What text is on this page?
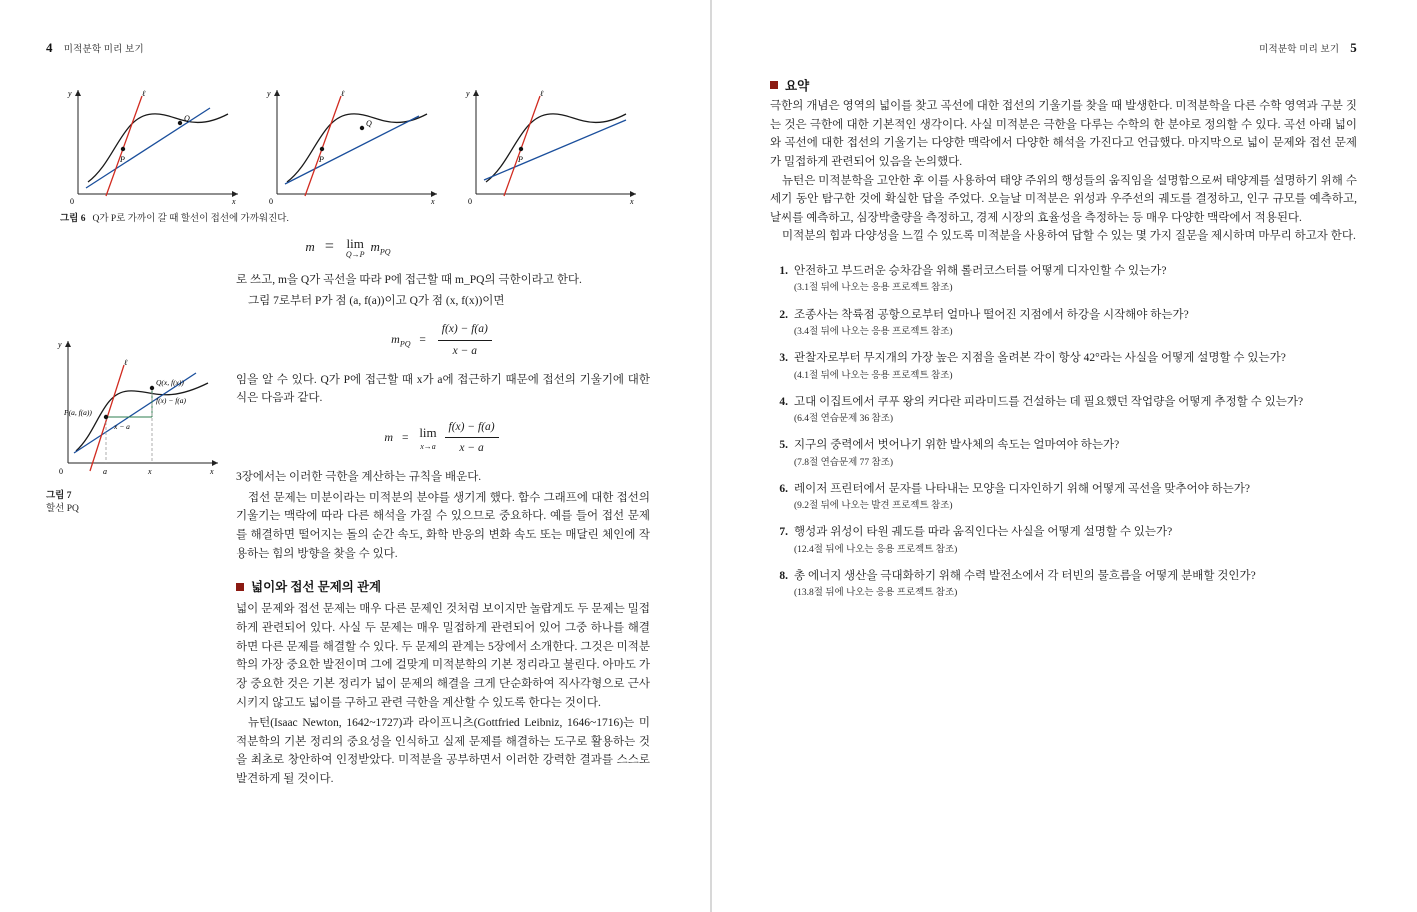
4 미적분학 미리 보기
x
y
0
P
Q
ℓ
x
y
0
P
Q
ℓ
x
y
0
P
ℓ
그림 6 Q가 P로 가까이 갈 때 할선이 접선에 가까워진다.
m = lim
Q→P
$m_{PQ}$
x
y
0
P(a, f(a))
Q(x, f(x))
f(x) − f(a)
x − a
a	x
ℓ
그림 7
할선 PQ

로 쓰고, m을 Q가 곡선을 따라 P에 접근할 때 m_PQ의 극한이라고 한다.

그림 7로부터 P가 점 (a, f(a))이고 Q가 점 (x, f(x))이면

$m_{PQ} = \frac{f(x) - f(a)}{x - a}$

임을 알 수 있다. Q가 P에 접근할 때 x가 a에 접근하기 때문에 접선의 기울기에 대한 식은 다음과 같다.

m = lim
x→a
$\frac{f(x) - f(a)}{x - a}$

3장에서는 이러한 극한을 계산하는 규칙을 배운다.

접선 문제는 미분이라는 미적분의 분야를 생기게 했다. 함수 그래프에 대한 접선의 기울기는 맥락에 따라 다른 해석을 가질 수 있으므로 중요하다. 예를 들어 접선 문제를 해결하면 떨어지는 돌의 순간 속도, 화학 반응의 변화 속도 또는 매달린 체인에 작용하는 힘의 방향을 찾을 수 있다.

넓이와 접선 문제의 관계

넓이 문제와 접선 문제는 매우 다른 문제인 것처럼 보이지만 놀랍게도 두 문제는 밀접하게 관련되어 있다. 사실 두 문제는 매우 밀접하게 관련되어 있어 그중 하나를 해결하면 다른 문제를 해결할 수 있다. 두 문제의 관계는 5장에서 소개한다. 그것은 미적분학의 가장 중요한 발전이며 그에 걸맞게 미적분학의 기본 정리라고 불린다. 아마도 가장 중요한 것은 기본 정리가 넓이 문제의 해결을 크게 단순화하여 직사각형으로 근사시키지 않고도 넓이를 구하고 관련 극한을 계산할 수 있도록 한다는 것이다.

뉴턴(Isaac Newton, 1642~1727)과 라이프니츠(Gottfried Leibniz, 1646~1716)는 미적분학의 기본 정리의 중요성을 인식하고 실제 문제를 해결하는 도구로 활용하는 것을 최초로 창안하여 인정받았다. 미적분을 공부하면서 이러한 강력한 결과를 스스로 발견하게 될 것이다.

미적분학 미리 보기 5
요약

극한의 개념은 영역의 넓이를 찾고 곡선에 대한 접선의 기울기를 찾을 때 발생한다. 미적분학을 다른 수학 영역과 구분 짓는 것은 극한에 대한 기본적인 생각이다. 사실 미적분은 극한을 다루는 수학의 한 분야로 정의할 수 있다. 곡선 아래 넓이와 곡선에 대한 접선의 기울기는 다양한 맥락에서 다양한 해석을 가진다고 언급했다. 마지막으로 넓이 문제와 접선 문제가 밀접하게 관련되어 있음을 논의했다.

뉴턴은 미적분학을 고안한 후 이를 사용하여 태양 주위의 행성들의 움직임을 설명함으로써 태양계를 설명하기 위해 수 세기 동안 탐구한 것에 확실한 답을 주었다. 오늘날 미적분은 위성과 우주선의 궤도를 결정하고, 인구 규모를 예측하고, 날씨를 예측하고, 심장박출량을 측정하고, 경제 시장의 효율성을 측정하는 등 매우 다양한 맥락에서 적용된다.

미적분의 힘과 다양성을 느낄 수 있도록 미적분을 사용하여 답할 수 있는 몇 가지 질문을 제시하며 마무리 하고자 한다.

1. 안전하고 부드러운 승차감을 위해 롤러코스터를 어떻게 디자인할 수 있는가?
(3.1절 뒤에 나오는 응용 프로젝트 참조)
2. 조종사는 착륙점 공항으로부터 얼마나 떨어진 지점에서 하강을 시작해야 하는가?
(3.4절 뒤에 나오는 응용 프로젝트 참조)
3. 관찰자로부터 무지개의 가장 높은 지점을 올려본 각이 항상 42°라는 사실을 어떻게 설명할 수 있는가?
(4.1절 뒤에 나오는 응용 프로젝트 참조)
4. 고대 이집트에서 쿠푸 왕의 커다란 피라미드를 건설하는 데 필요했던 작업량을 어떻게 추정할 수 있는가?
(6.4절 연습문제 36 참조)
5. 지구의 중력에서 벗어나기 위한 발사체의 속도는 얼마여야 하는가?
(7.8절 연습문제 77 참조)
6. 레이저 프린터에서 문자를 나타내는 모양을 디자인하기 위해 어떻게 곡선을 맞추어야 하는가?
(9.2절 뒤에 나오는 발견 프로젝트 참조)
7. 행성과 위성이 타원 궤도를 따라 움직인다는 사실을 어떻게 설명할 수 있는가?
(12.4절 뒤에 나오는 응용 프로젝트 참조)
8. 총 에너지 생산을 극대화하기 위해 수력 발전소에서 각 터빈의 물흐름을 어떻게 분배할 것인가?
(13.8절 뒤에 나오는 응용 프로젝트 참조)
